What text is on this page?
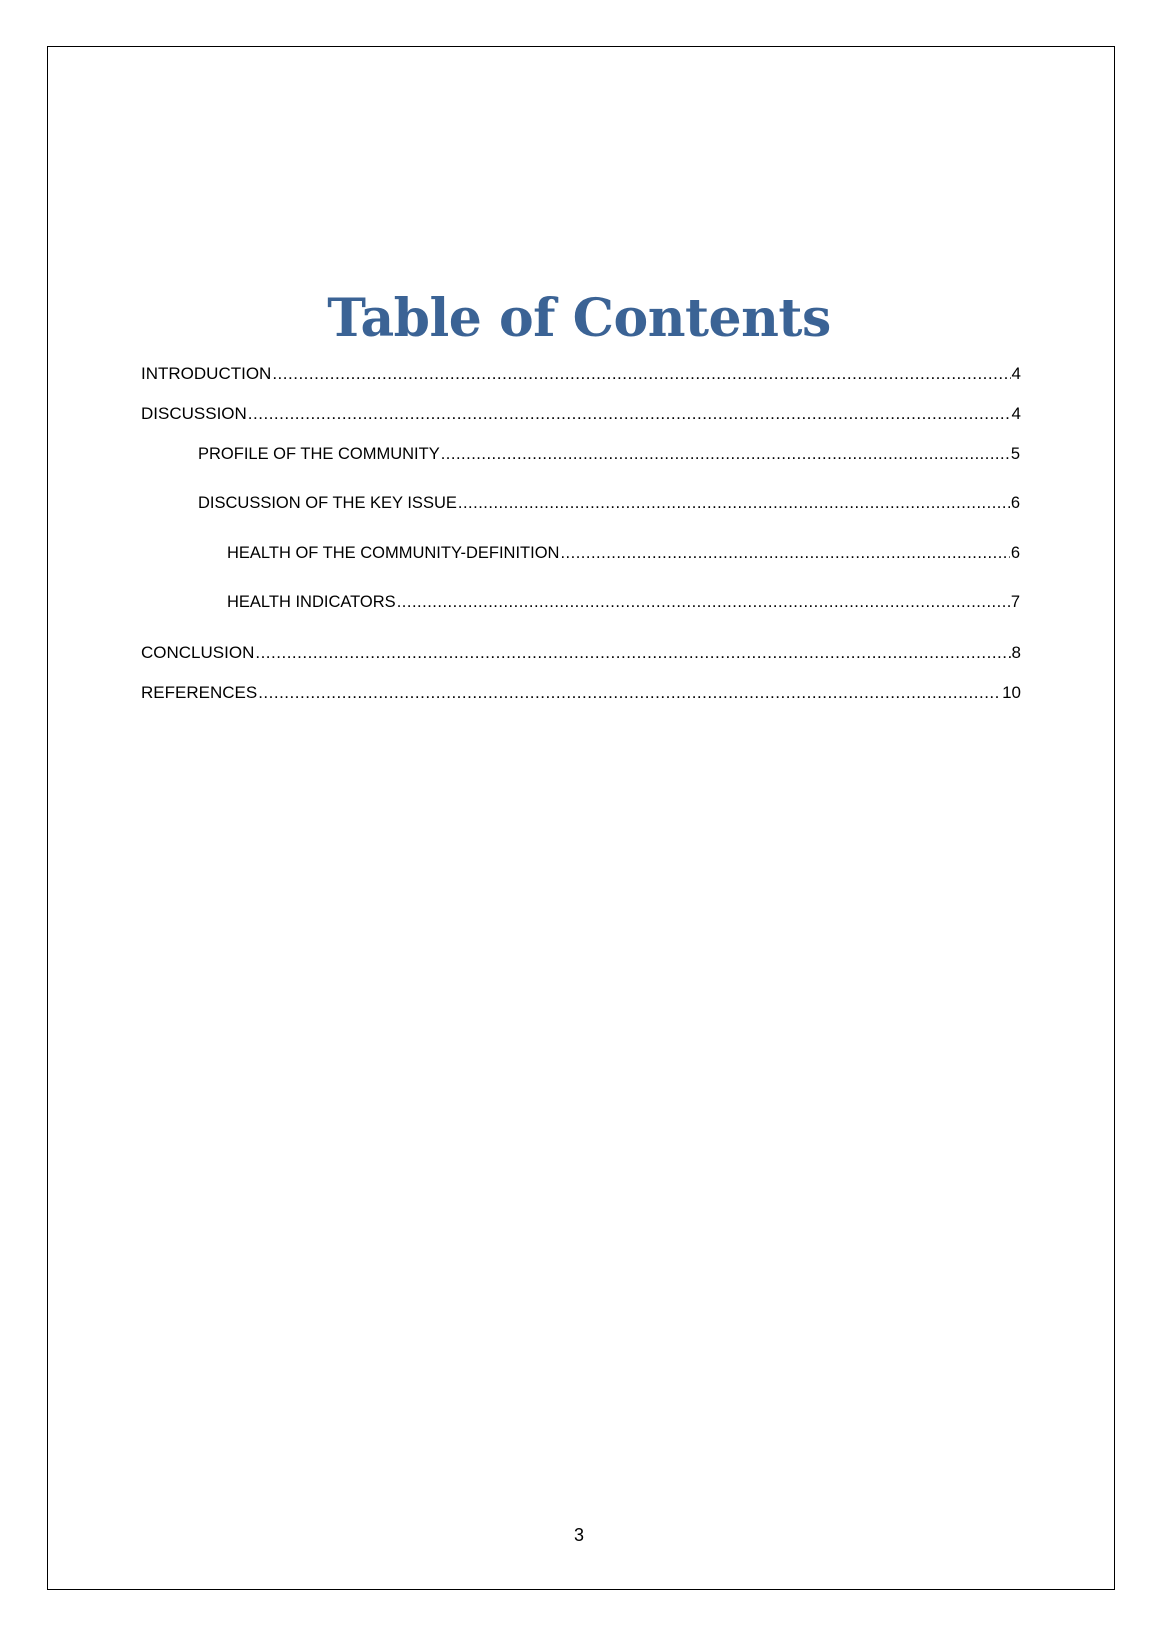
Table of Contents
INTRODUCTION .....	4
DISCUSSION .....	4
PROFILE OF THE COMMUNITY .....	5
DISCUSSION OF THE KEY ISSUE .....	6
HEALTH OF THE COMMUNITY-DEFINITION .....	6
HEALTH INDICATORS .....	7
CONCLUSION .....	8
REFERENCES .....	10
3
